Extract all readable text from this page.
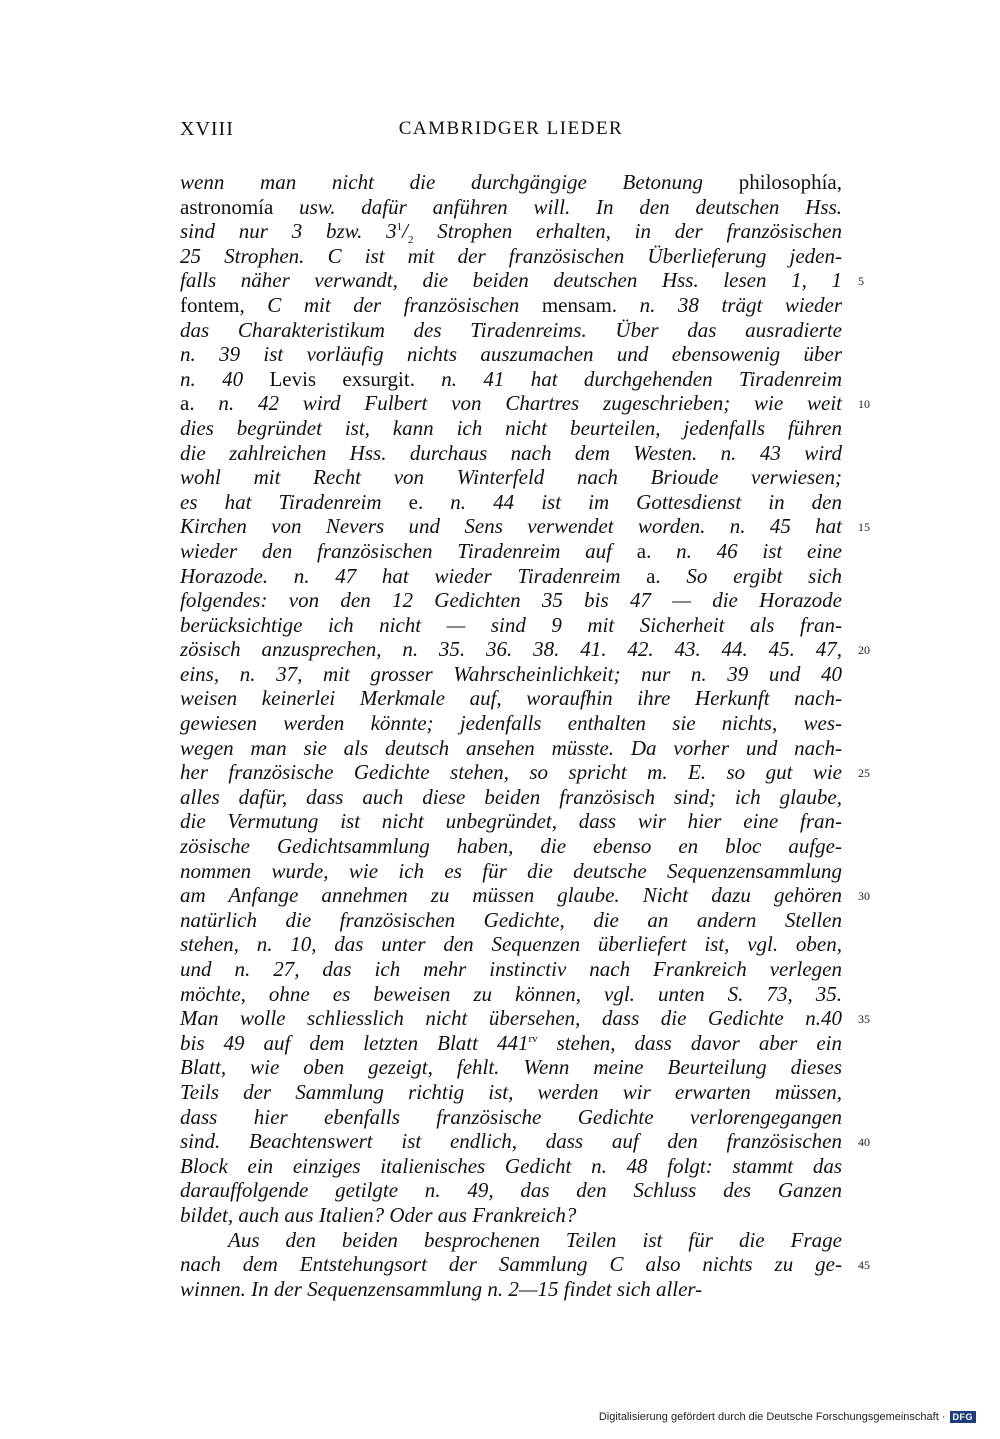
XVIII	CAMBRIDGER LIEDER
wenn man nicht die durchgängige Betonung philosophía,
astronomía usw. dafür anführen will. In den deutschen Hss.
sind nur 3 bzw. $3^1/_2$ Strophen erhalten, in der französischen
25 Strophen. C ist mit der französischen Überlieferung jeden-
falls näher verwandt, die beiden deutschen Hss. lesen 1, 1
fontem, C mit der französischen mensam. n. 38 trägt wieder
das Charakteristikum des Tiradenreims. Über das ausradierte
n. 39 ist vorläufig nichts auszumachen und ebensowenig über
n. 40 Levis exsurgit. n. 41 hat durchgehenden Tiradenreim
a. n. 42 wird Fulbert von Chartres zugeschrieben; wie weit
dies begründet ist, kann ich nicht beurteilen, jedenfalls führen
die zahlreichen Hss. durchaus nach dem Westen. n. 43 wird
wohl mit Recht von Winterfeld nach Brioude verwiesen;
es hat Tiradenreim e. n. 44 ist im Gottesdienst in den
Kirchen von Nevers und Sens verwendet worden. n. 45 hat
wieder den französischen Tiradenreim auf a. n. 46 ist eine
Horazode. n. 47 hat wieder Tiradenreim a. So ergibt sich
folgendes: von den 12 Gedichten 35 bis 47 — die Horazode
berücksichtige ich nicht — sind 9 mit Sicherheit als fran-
zösisch anzusprechen, n. 35. 36. 38. 41. 42. 43. 44. 45. 47,
eins, n. 37, mit grosser Wahrscheinlichkeit; nur n. 39 und 40
weisen keinerlei Merkmale auf, woraufhin ihre Herkunft nach-
gewiesen werden könnte; jedenfalls enthalten sie nichts, wes-
wegen man sie als deutsch ansehen müsste. Da vorher und nach-
her französische Gedichte stehen, so spricht m. E. so gut wie
alles dafür, dass auch diese beiden französisch sind; ich glaube,
die Vermutung ist nicht unbegründet, dass wir hier eine fran-
zösische Gedichtsammlung haben, die ebenso en bloc aufge-
nommen wurde, wie ich es für die deutsche Sequenzensammlung
am Anfange annehmen zu müssen glaube. Nicht dazu gehören
natürlich die französischen Gedichte, die an andern Stellen
stehen, n. 10, das unter den Sequenzen überliefert ist, vgl. oben,
und n. 27, das ich mehr instinctiv nach Frankreich verlegen
möchte, ohne es beweisen zu können, vgl. unten S. 73, 35.
Man wolle schliesslich nicht übersehen, dass die Gedichte n.40
bis 49 auf dem letzten Blatt $441^{rv}$ stehen, dass davor aber ein
Blatt, wie oben gezeigt, fehlt. Wenn meine Beurteilung dieses
Teils der Sammlung richtig ist, werden wir erwarten müssen,
dass hier ebenfalls französische Gedichte verlorengegangen
sind. Beachtenswert ist endlich, dass auf den französischen
Block ein einziges italienisches Gedicht n. 48 folgt: stammt das
darauffolgende getilgte n. 49, das den Schluss des Ganzen
bildet, auch aus Italien? Oder aus Frankreich?
Aus den beiden besprochenen Teilen ist für die Frage
nach dem Entstehungsort der Sammlung C also nichts zu ge-
winnen. In der Sequenzensammlung n. 2—15 findet sich aller-
5
10
15
20
25
30
35
40
45
Digitalisierung gefördert durch die Deutsche Forschungsgemeinschaft · DFG
